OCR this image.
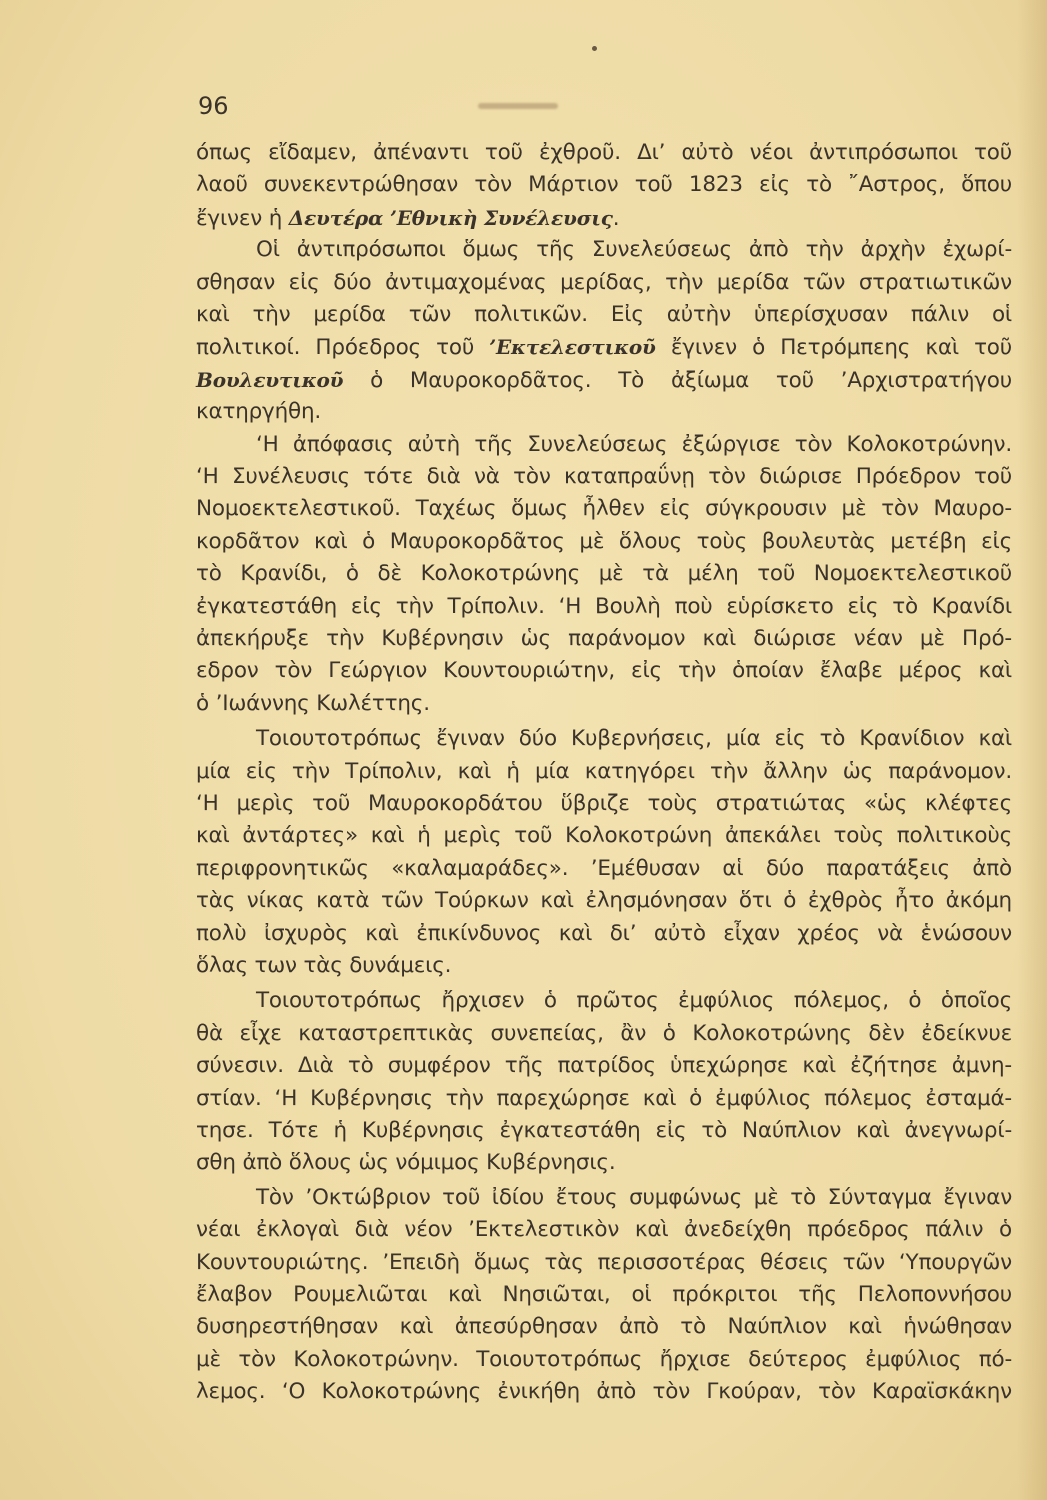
96
όπως εἴδαμεν, ἀπέναντι τοῦ ἐχθροῦ. Δι’ αὐτὸ νέοι ἀντιπρόσωποι τοῦ
λαοῦ συνεκεντρώθησαν τὸν Μάρτιον τοῦ 1823 εἰς τὸ ῎Αστρος, ὅπου
ἔγινεν ἡ Δευτέρα ’Εθνικὴ Συνέλευσις.
Οἱ ἀντιπρόσωποι ὅμως τῆς Συνελεύσεως ἀπὸ τὴν ἀρχὴν ἐχωρί-
σθησαν εἰς δύο ἀντιμαχομένας μερίδας, τὴν μερίδα τῶν στρατιωτικῶν
καὶ τὴν μερίδα τῶν πολιτικῶν. Εἰς αὐτὴν ὑπερίσχυσαν πάλιν οἱ
πολιτικοί. Πρόεδρος τοῦ ’Εκτελεστικοῦ ἔγινεν ὁ Πετρόμπεης καὶ τοῦ
Βουλευτικοῦ ὁ Μαυροκορδᾶτος. Τὸ ἀξίωμα τοῦ ’Αρχιστρατήγου
κατηργήθη.
‘Η ἀπόφασις αὐτὴ τῆς Συνελεύσεως ἐξώργισε τὸν Κολοκοτρώνην.
‘Η Συνέλευσις τότε διὰ νὰ τὸν καταπραΰνῃ τὸν διώρισε Πρόεδρον τοῦ
Νομοεκτελεστικοῦ. Ταχέως ὅμως ἦλθεν εἰς σύγκρουσιν μὲ τὸν Μαυρο-
κορδᾶτον καὶ ὁ Μαυροκορδᾶτος μὲ ὅλους τοὺς βουλευτὰς μετέβη εἰς
τὸ Κρανίδι, ὁ δὲ Κολοκοτρώνης μὲ τὰ μέλη τοῦ Νομοεκτελεστικοῦ
ἐγκατεστάθη εἰς τὴν Τρίπολιν. ‘Η Βουλὴ ποὺ εὑρίσκετο εἰς τὸ Κρανίδι
ἀπεκήρυξε τὴν Κυβέρνησιν ὡς παράνομον καὶ διώρισε νέαν μὲ Πρό-
εδρον τὸν Γεώργιον Κουντουριώτην, εἰς τὴν ὁποίαν ἔλαβε μέρος καὶ
ὁ ’Ιωάννης Κωλέττης.
Τοιουτοτρόπως ἔγιναν δύο Κυβερνήσεις, μία εἰς τὸ Κρανίδιον καὶ
μία εἰς τὴν Τρίπολιν, καὶ ἡ μία κατηγόρει τὴν ἄλλην ὡς παράνομον.
‘Η μερὶς τοῦ Μαυροκορδάτου ὕβριζε τοὺς στρατιώτας «ὡς κλέφτες
καὶ ἀντάρτες» καὶ ἡ μερὶς τοῦ Κολοκοτρώνη ἀπεκάλει τοὺς πολιτικοὺς
περιφρονητικῶς «καλαμαράδες». ’Εμέθυσαν αἱ δύο παρατάξεις ἀπὸ
τὰς νίκας κατὰ τῶν Τούρκων καὶ ἐλησμόνησαν ὅτι ὁ ἐχθρὸς ἦτο ἀκόμη
πολὺ ἰσχυρὸς καὶ ἐπικίνδυνος καὶ δι’ αὐτὸ εἶχαν χρέος νὰ ἑνώσουν
ὅλας των τὰς δυνάμεις.
Τοιουτοτρόπως ἤρχισεν ὁ πρῶτος ἐμφύλιος πόλεμος, ὁ ὁποῖος
θὰ εἶχε καταστρεπτικὰς συνεπείας, ἂν ὁ Κολοκοτρώνης δὲν ἐδείκνυε
σύνεσιν. Διὰ τὸ συμφέρον τῆς πατρίδος ὑπεχώρησε καὶ ἐζήτησε ἀμνη-
στίαν. ‘Η Κυβέρνησις τὴν παρεχώρησε καὶ ὁ ἐμφύλιος πόλεμος ἐσταμά-
τησε. Τότε ἡ Κυβέρνησις ἐγκατεστάθη εἰς τὸ Ναύπλιον καὶ ἀνεγνωρί-
σθη ἀπὸ ὅλους ὡς νόμιμος Κυβέρνησις.
Τὸν ’Οκτώβριον τοῦ ἰδίου ἔτους συμφώνως μὲ τὸ Σύνταγμα ἔγιναν
νέαι ἐκλογαὶ διὰ νέον ’Εκτελεστικὸν καὶ ἀνεδείχθη πρόεδρος πάλιν ὁ
Κουντουριώτης. ’Επειδὴ ὅμως τὰς περισσοτέρας θέσεις τῶν ‘Υπουργῶν
ἔλαβον Ρουμελιῶται καὶ Νησιῶται, οἱ πρόκριτοι τῆς Πελοποννήσου
δυσηρεστήθησαν καὶ ἀπεσύρθησαν ἀπὸ τὸ Ναύπλιον καὶ ἡνώθησαν
μὲ τὸν Κολοκοτρώνην. Τοιουτοτρόπως ἤρχισε δεύτερος ἐμφύλιος πό-
λεμος. ‘Ο Κολοκοτρώνης ἐνικήθη ἀπὸ τὸν Γκούραν, τὸν Καραϊσκάκην
